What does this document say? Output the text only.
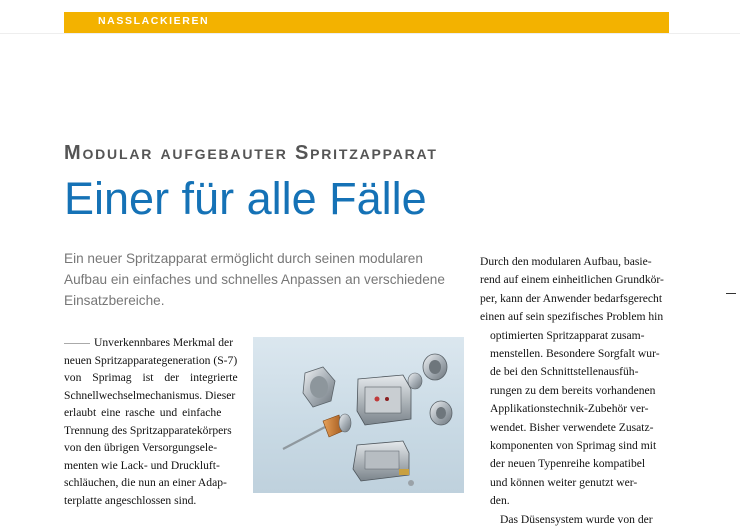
NASSLACKIEREN
Modular aufgebauter Spritzapparat
Einer für alle Fälle
Ein neuer Spritzapparat ermöglicht durch seinen modularen
Aufbau ein einfaches und schnelles Anpassen an verschiedene
Einsatzbereiche.
Unverkennbares Merkmal der
neuen Spritzapparategeneration (S-7)
von Sprimag ist der integrierte
Schnellwechselmechanismus. Dieser
erlaubt eine rasche und einfache
Trennung des Spritzapparatekörpers
von den übrigen Versorgungsele-
menten wie Lack- und Druckluft-
schläuchen, die nun an einer Adap-
terplatte angeschlossen sind.
Durch den modularen Aufbau, basie-
rend auf einem einheitlichen Grundkör-
per, kann der Anwender bedarfsgerecht
einen auf sein spezifisches Problem hin
optimierten Spritzapparat zusam-
menstellen. Besondere Sorgfalt wur-
de bei den Schnittstellenausfüh-
rungen zu dem bereits vorhandenen
Applikationstechnik-Zubehör ver-
wendet. Bisher verwendete Zusatz-
komponenten von Sprimag sind mit
der neuen Typenreihe kompatibel
und können weiter genutzt wer-
den.
Das Düsensystem wurde von der
